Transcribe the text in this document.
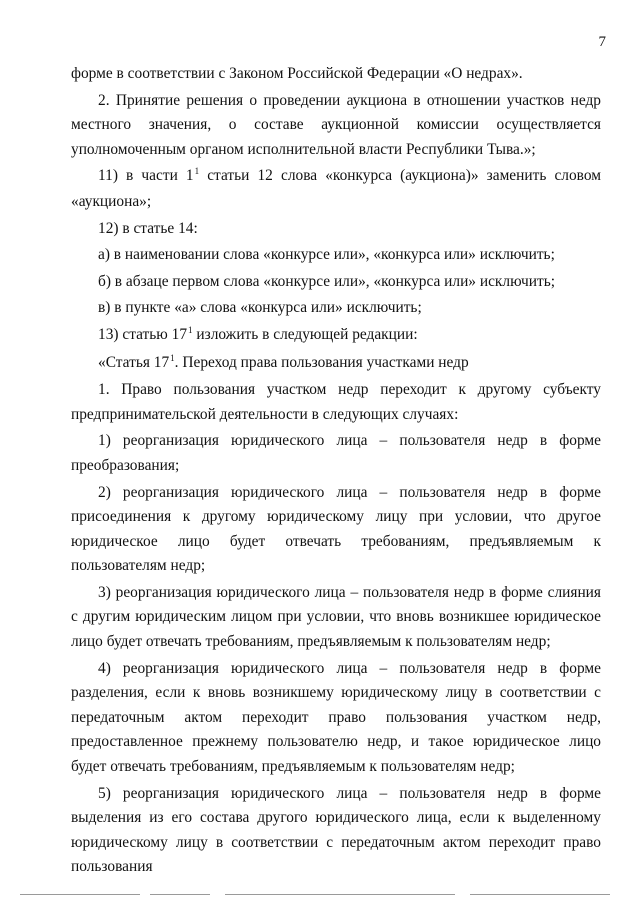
7

форме в соответствии с Законом Российской Федерации «О недрах».

2. Принятие решения о проведении аукциона в отношении участков недр местного значения, о составе аукционной комиссии осуществляется уполномоченным органом исполнительной власти Республики Тыва.»;

11) в части $1^1$ статьи 12 слова «конкурса (аукциона)» заменить словом «аукциона»;

12) в статье 14:

а) в наименовании слова «конкурсе или», «конкурса или» исключить;

б) в абзаце первом слова «конкурсе или», «конкурса или» исключить;

в) в пункте «а» слова «конкурса или» исключить;

13) статью $17^1$ изложить в следующей редакции:

«Статья $17^1$. Переход права пользования участками недр

1. Право пользования участком недр переходит к другому субъекту предпринимательской деятельности в следующих случаях:

1) реорганизация юридического лица – пользователя недр в форме преобразования;

2) реорганизация юридического лица – пользователя недр в форме присоединения к другому юридическому лицу при условии, что другое юридическое лицо будет отвечать требованиям, предъявляемым к пользователям недр;

3) реорганизация юридического лица – пользователя недр в форме слияния с другим юридическим лицом при условии, что вновь возникшее юридическое лицо будет отвечать требованиям, предъявляемым к пользователям недр;

4) реорганизация юридического лица – пользователя недр в форме разделения, если к вновь возникшему юридическому лицу в соответствии с передаточным актом переходит право пользования участком недр, предоставленное прежнему пользователю недр, и такое юридическое лицо будет отвечать требованиям, предъявляемым к пользователям недр;

5) реорганизация юридического лица – пользователя недр в форме выделения из его состава другого юридического лица, если к выделенному юридическому лицу в соответствии с передаточным актом переходит право пользования
